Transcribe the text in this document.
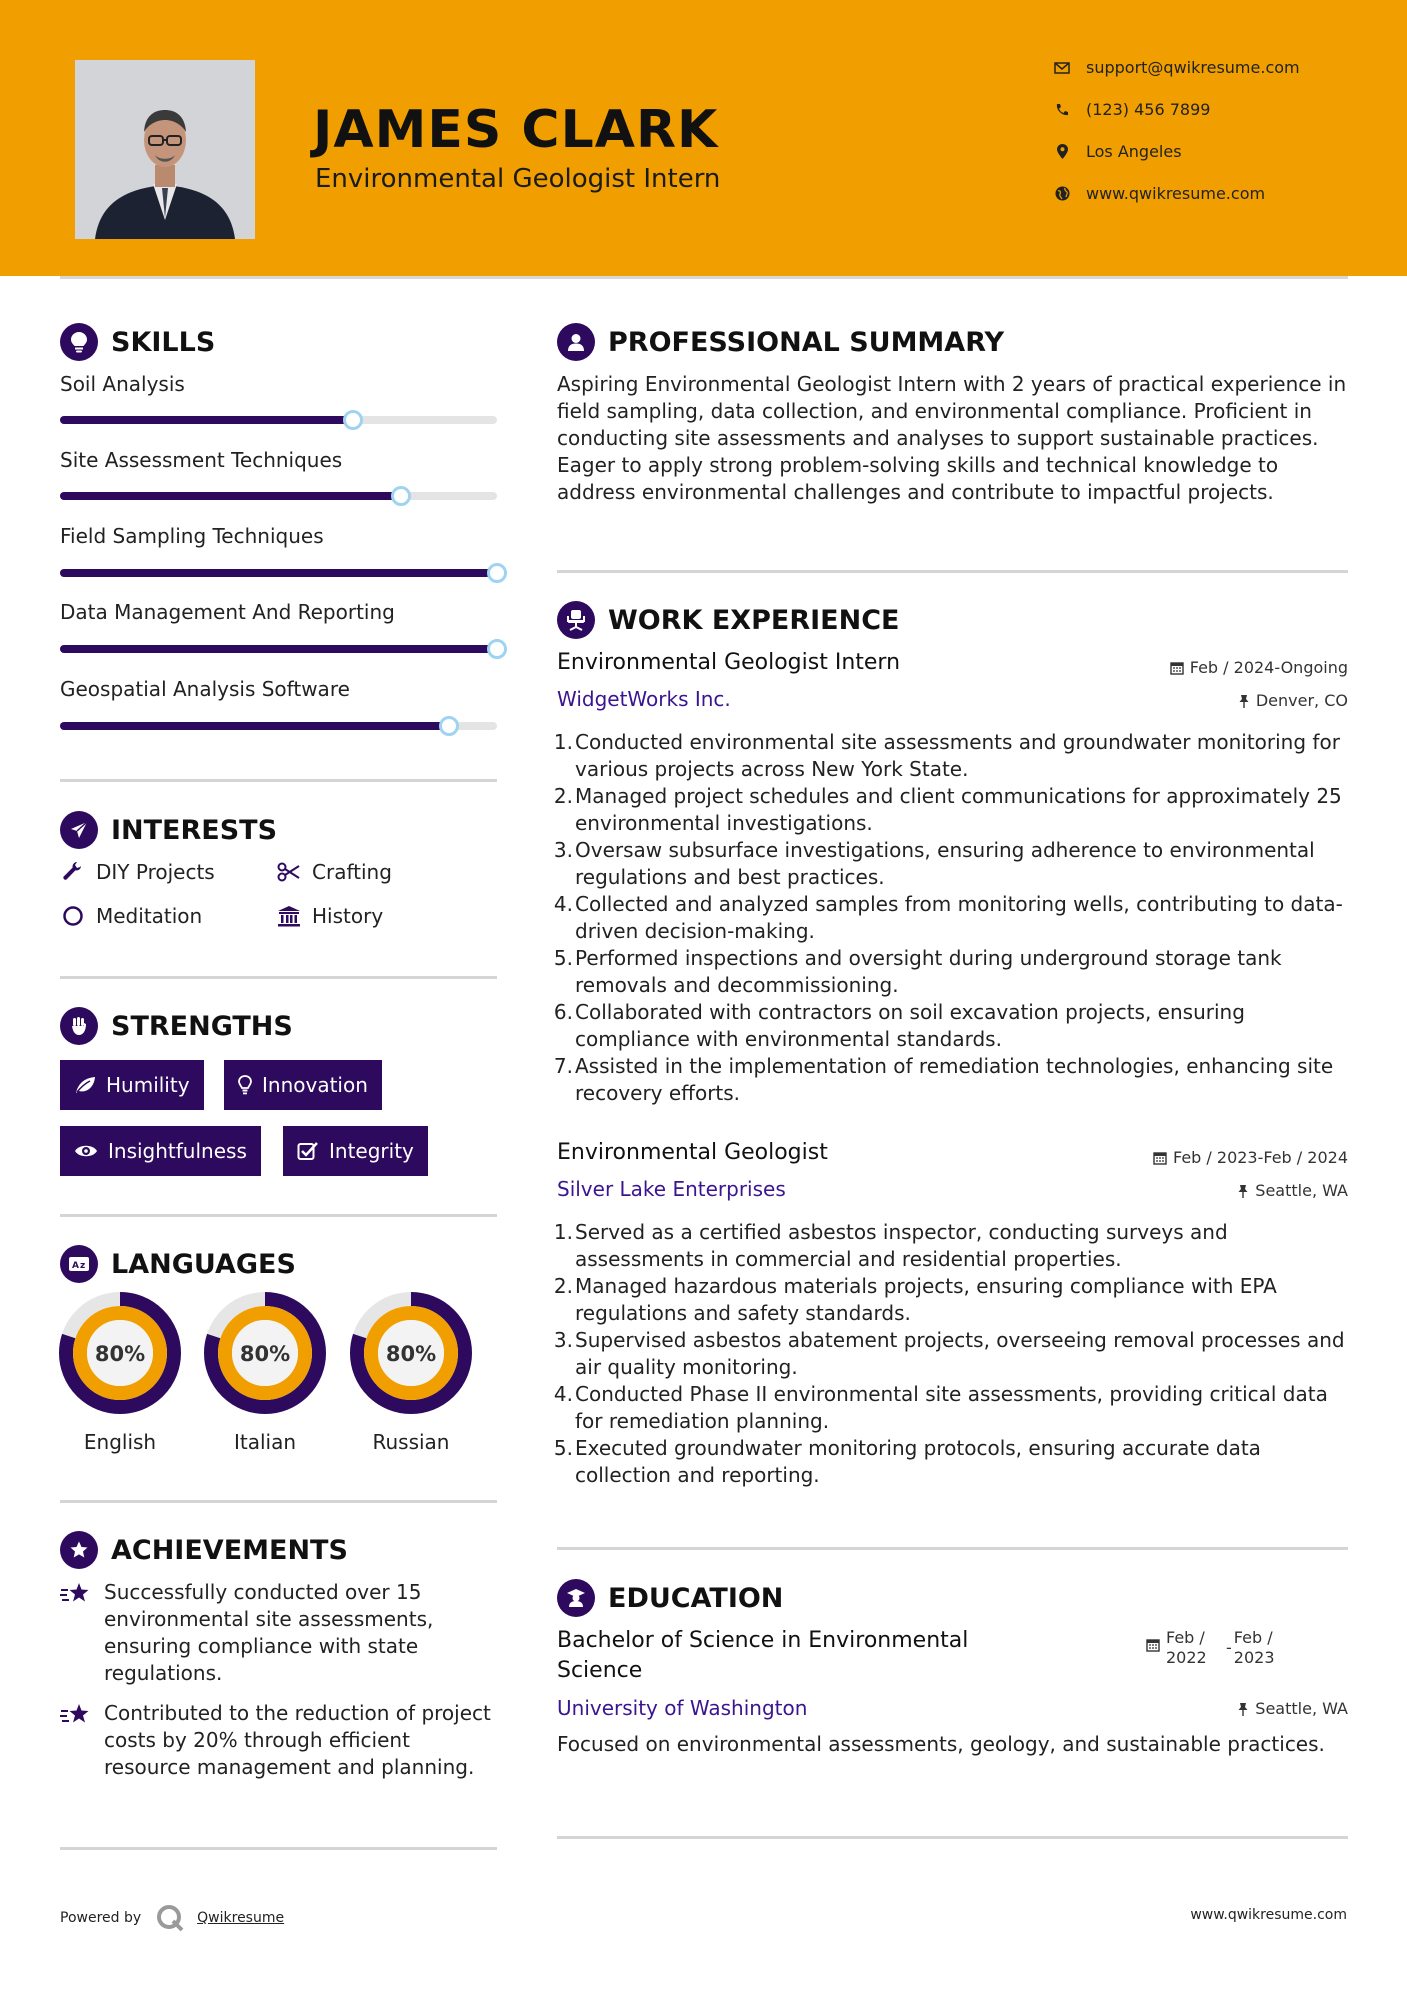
JAMES CLARK
Environmental Geologist Intern
support@qwikresume.com
(123) 456 7899
Los Angeles
www.qwikresume.com
SKILLS
Soil Analysis
Site Assessment Techniques
Field Sampling Techniques
Data Management And Reporting
Geospatial Analysis Software
INTERESTS
DIY Projects	Crafting
Meditation	History
STRENGTHS
Humility	Innovation
Insightfulness	Integrity
A z LANGUAGES
80%
English
80%
Italian
80%
Russian
ACHIEVEMENTS
Successfully conducted over 15 environmental site assessments, ensuring compliance with state regulations.
Contributed to the reduction of project costs by 20% through efficient resource management and planning.
PROFESSIONAL SUMMARY
Aspiring Environmental Geologist Intern with 2 years of practical experience in field sampling, data collection, and environmental compliance. Proficient in conducting site assessments and analyses to support sustainable practices. Eager to apply strong problem-solving skills and technical knowledge to address environmental challenges and contribute to impactful projects.
WORK EXPERIENCE
Environmental Geologist Intern	Feb / 2024-Ongoing
WidgetWorks Inc.	Denver, CO
1. Conducted environmental site assessments and groundwater monitoring for various projects across New York State.
2. Managed project schedules and client communications for approximately 25 environmental investigations.
3. Oversaw subsurface investigations, ensuring adherence to environmental regulations and best practices.
4. Collected and analyzed samples from monitoring wells, contributing to data-driven decision-making.
5. Performed inspections and oversight during underground storage tank removals and decommissioning.
6. Collaborated with contractors on soil excavation projects, ensuring compliance with environmental standards.
7. Assisted in the implementation of remediation technologies, enhancing site recovery efforts.
Environmental Geologist	Feb / 2023-Feb / 2024
Silver Lake Enterprises	Seattle, WA
1. Served as a certified asbestos inspector, conducting surveys and assessments in commercial and residential properties.
2. Managed hazardous materials projects, ensuring compliance with EPA regulations and safety standards.
3. Supervised asbestos abatement projects, overseeing removal processes and air quality monitoring.
4. Conducted Phase II environmental site assessments, providing critical data for remediation planning.
5. Executed groundwater monitoring protocols, ensuring accurate data collection and reporting.
EDUCATION
Bachelor of Science in Environmental
Science
Feb /
2022
-
Feb /
2023
University of Washington	Seattle, WA
Focused on environmental assessments, geology, and sustainable practices.
Powered by	Qwikresume	www.qwikresume.com
